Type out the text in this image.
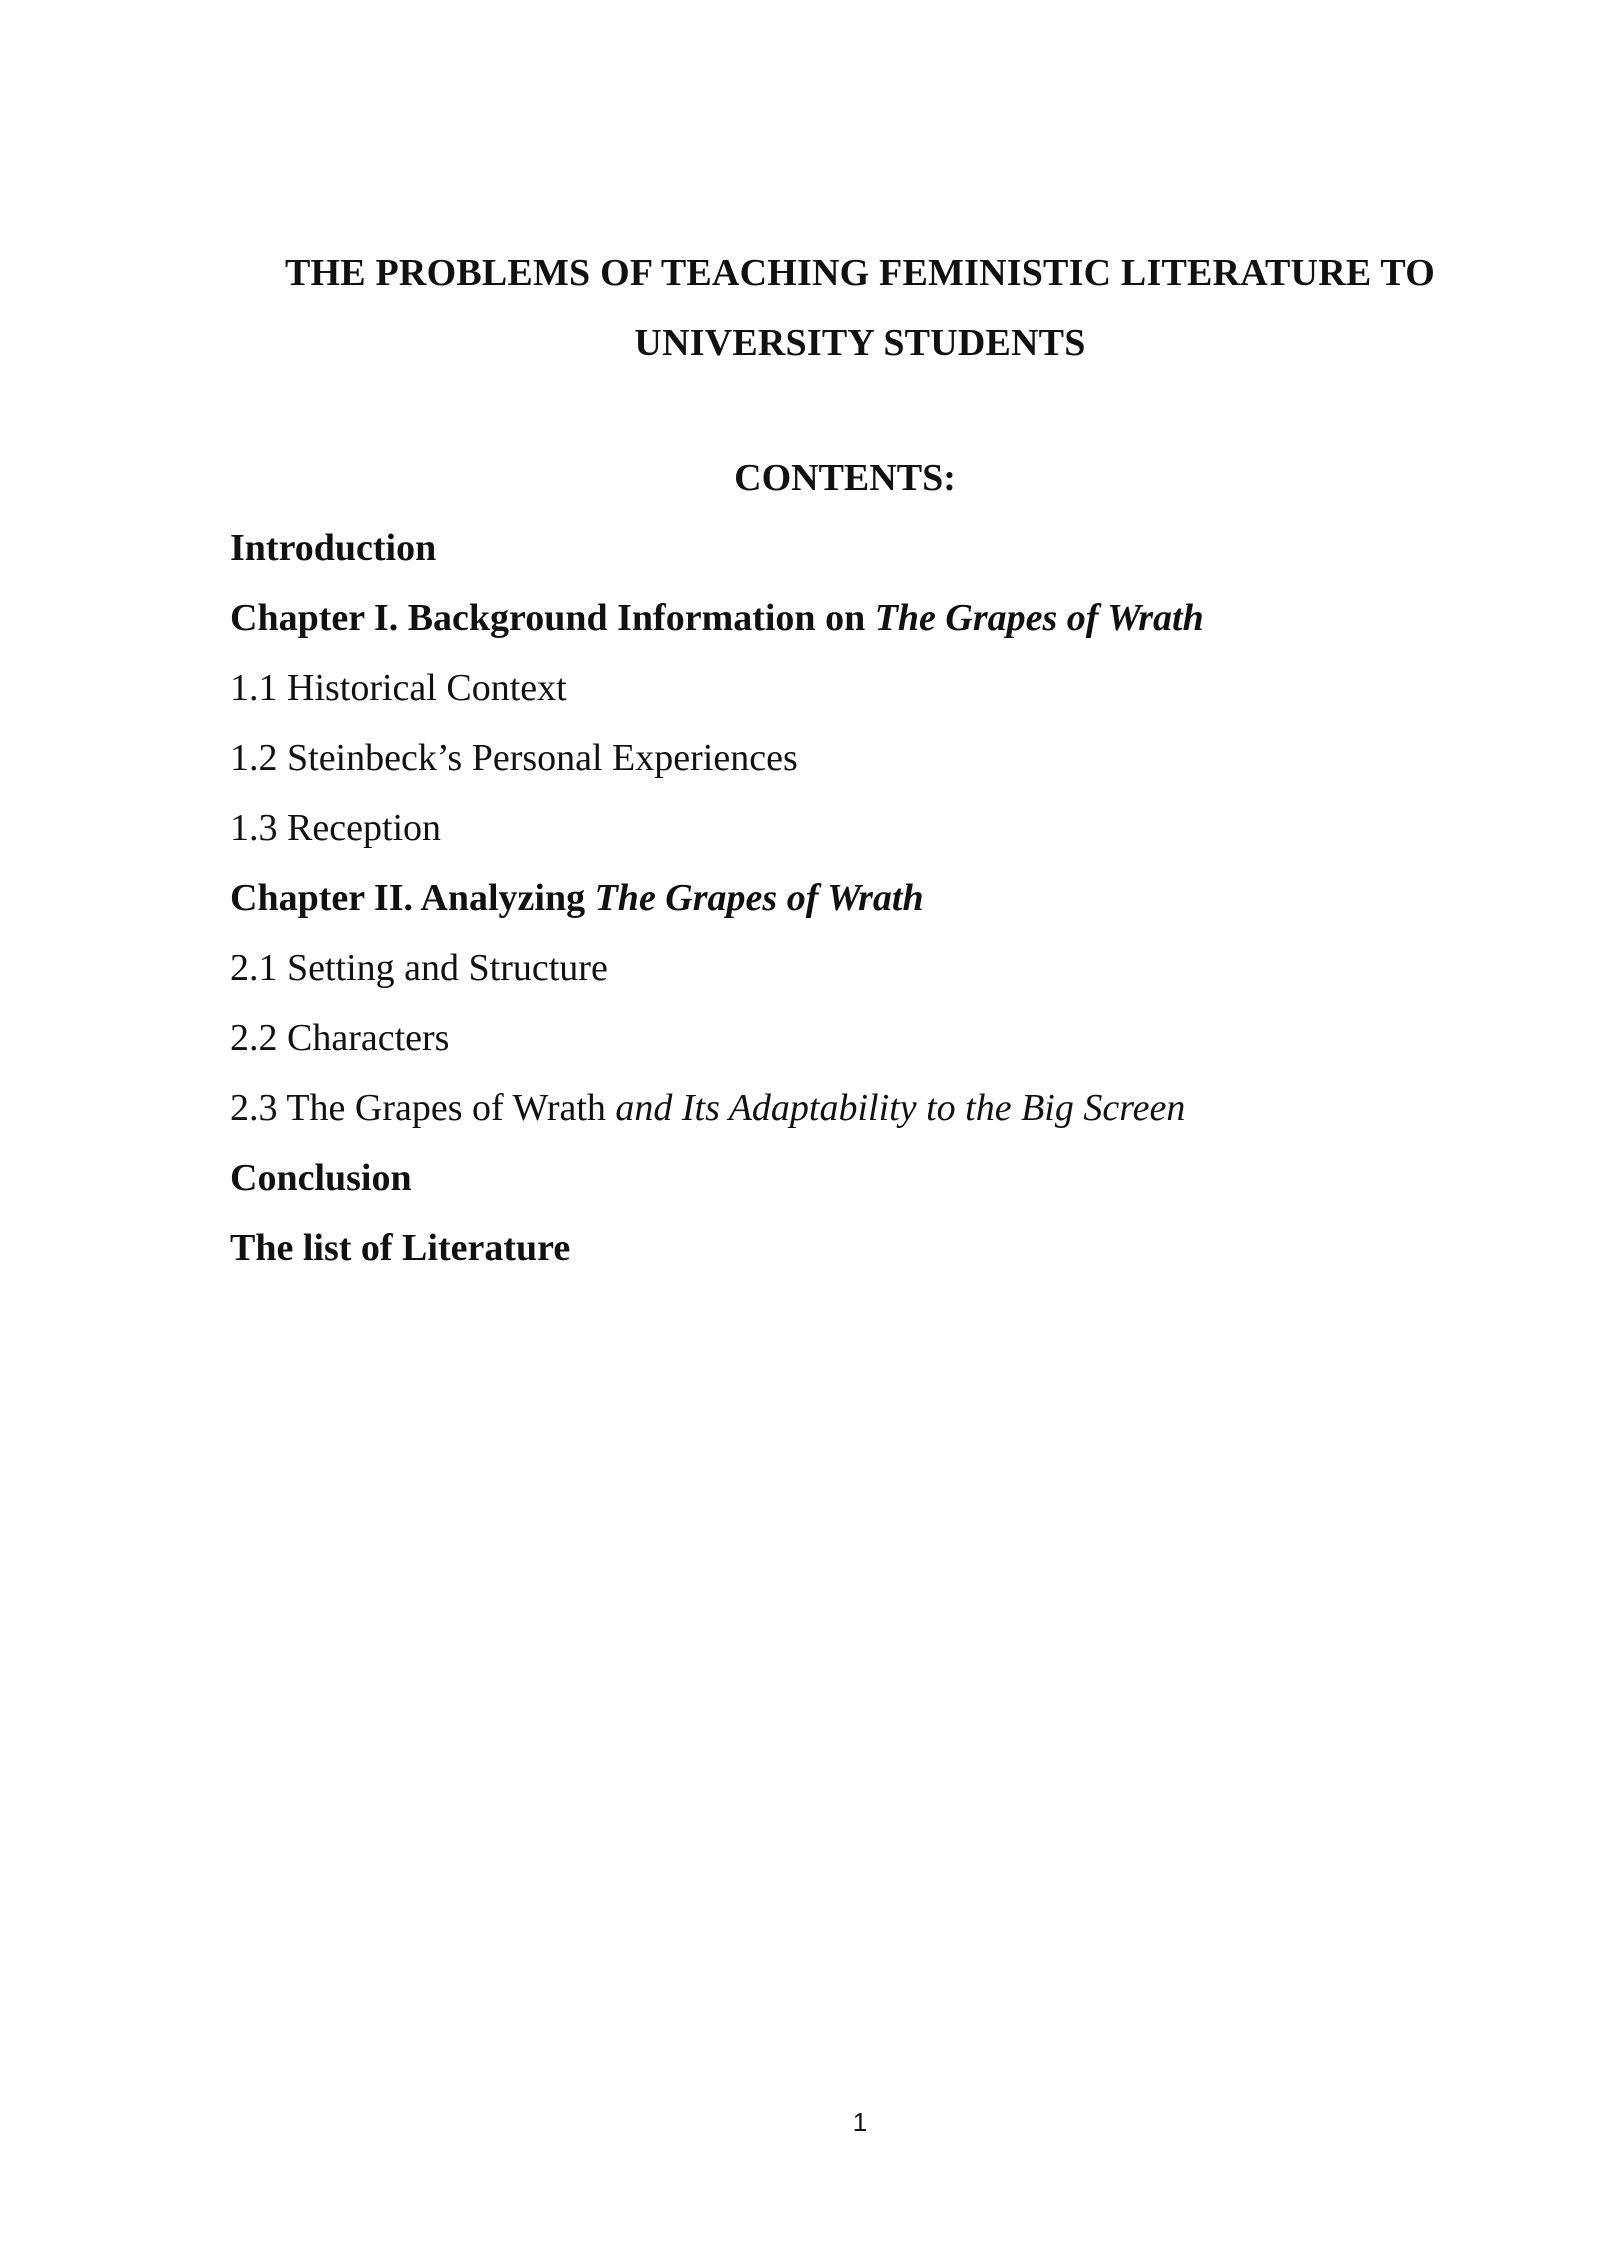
THE PROBLEMS OF TEACHING FEMINISTIC LITERATURE TO
UNIVERSITY STUDENTS
CONTENTS:
Introduction
Chapter I. Background Information on The Grapes of Wrath
1.1 Historical Context
1.2 Steinbeck’s Personal Experiences
1.3 Reception
Chapter II. Analyzing The Grapes of Wrath
2.1 Setting and Structure
2.2 Characters
2.3 The Grapes of Wrath and Its Adaptability to the Big Screen
Conclusion
The list of Literature
1
